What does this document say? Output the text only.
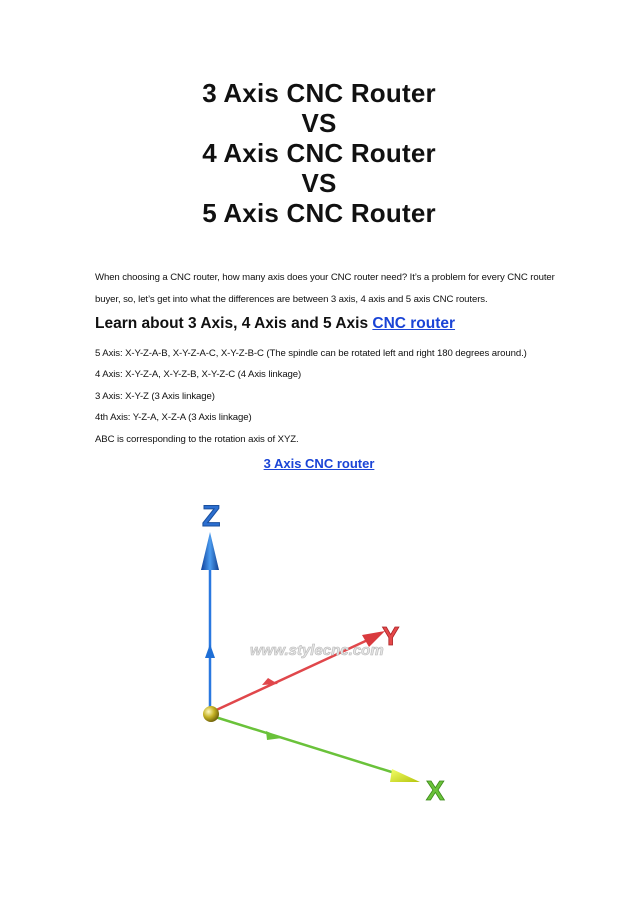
3 Axis CNC Router
VS
4 Axis CNC Router
VS
5 Axis CNC Router
When choosing a CNC router, how many axis does your CNC router need? It’s a problem for every CNC router buyer, so, let’s get into what the differences are between 3 axis, 4 axis and 5 axis CNC routers.
Learn about 3 Axis, 4 Axis and 5 Axis CNC router
5 Axis: X-Y-Z-A-B, X-Y-Z-A-C, X-Y-Z-B-C (The spindle can be rotated left and right 180 degrees around.)
4 Axis: X-Y-Z-A, X-Y-Z-B, X-Y-Z-C (4 Axis linkage)
3 Axis: X-Y-Z (3 Axis linkage)
4th Axis: Y-Z-A, X-Z-A (3 Axis linkage)
ABC is corresponding to the rotation axis of XYZ.
3 Axis CNC router
Z
Y
www.stylecnc.com
X
